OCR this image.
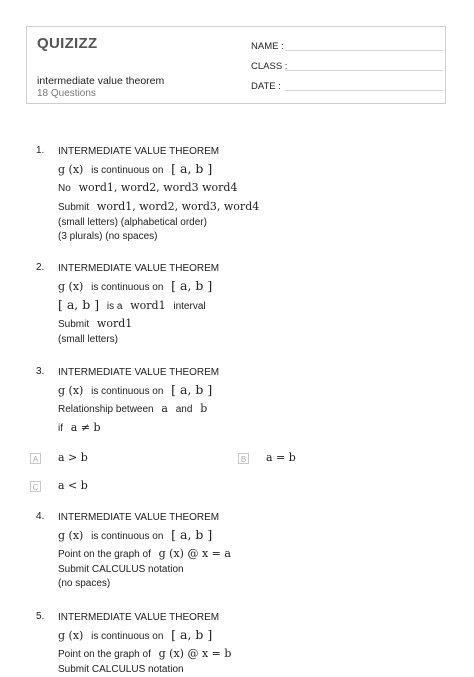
QUIZIZZ
intermediate value theorem
18 Questions
NAME :
CLASS :
DATE :
1. INTERMEDIATE VALUE THEOREM
g (x) is continuous on [ a, b ]
No word1, word2, word3 word4
Submit word1, word2, word3, word4
(small letters) (alphabetical order)
(3 plurals) (no spaces)
2. INTERMEDIATE VALUE THEOREM
g (x) is continuous on [ a, b ]
[ a, b ] is a word1 interval
Submit word1
(small letters)
3. INTERMEDIATE VALUE THEOREM
g (x) is continuous on [ a, b ]
Relationship between a and b
if a ≠ b
A a > b	B a = b
C a < b
4. INTERMEDIATE VALUE THEOREM
g (x) is continuous on [ a, b ]
Point on the graph of g (x) @ x = a
Submit CALCULUS notation
(no spaces)
5. INTERMEDIATE VALUE THEOREM
g (x) is continuous on [ a, b ]
Point on the graph of g (x) @ x = b
Submit CALCULUS notation
